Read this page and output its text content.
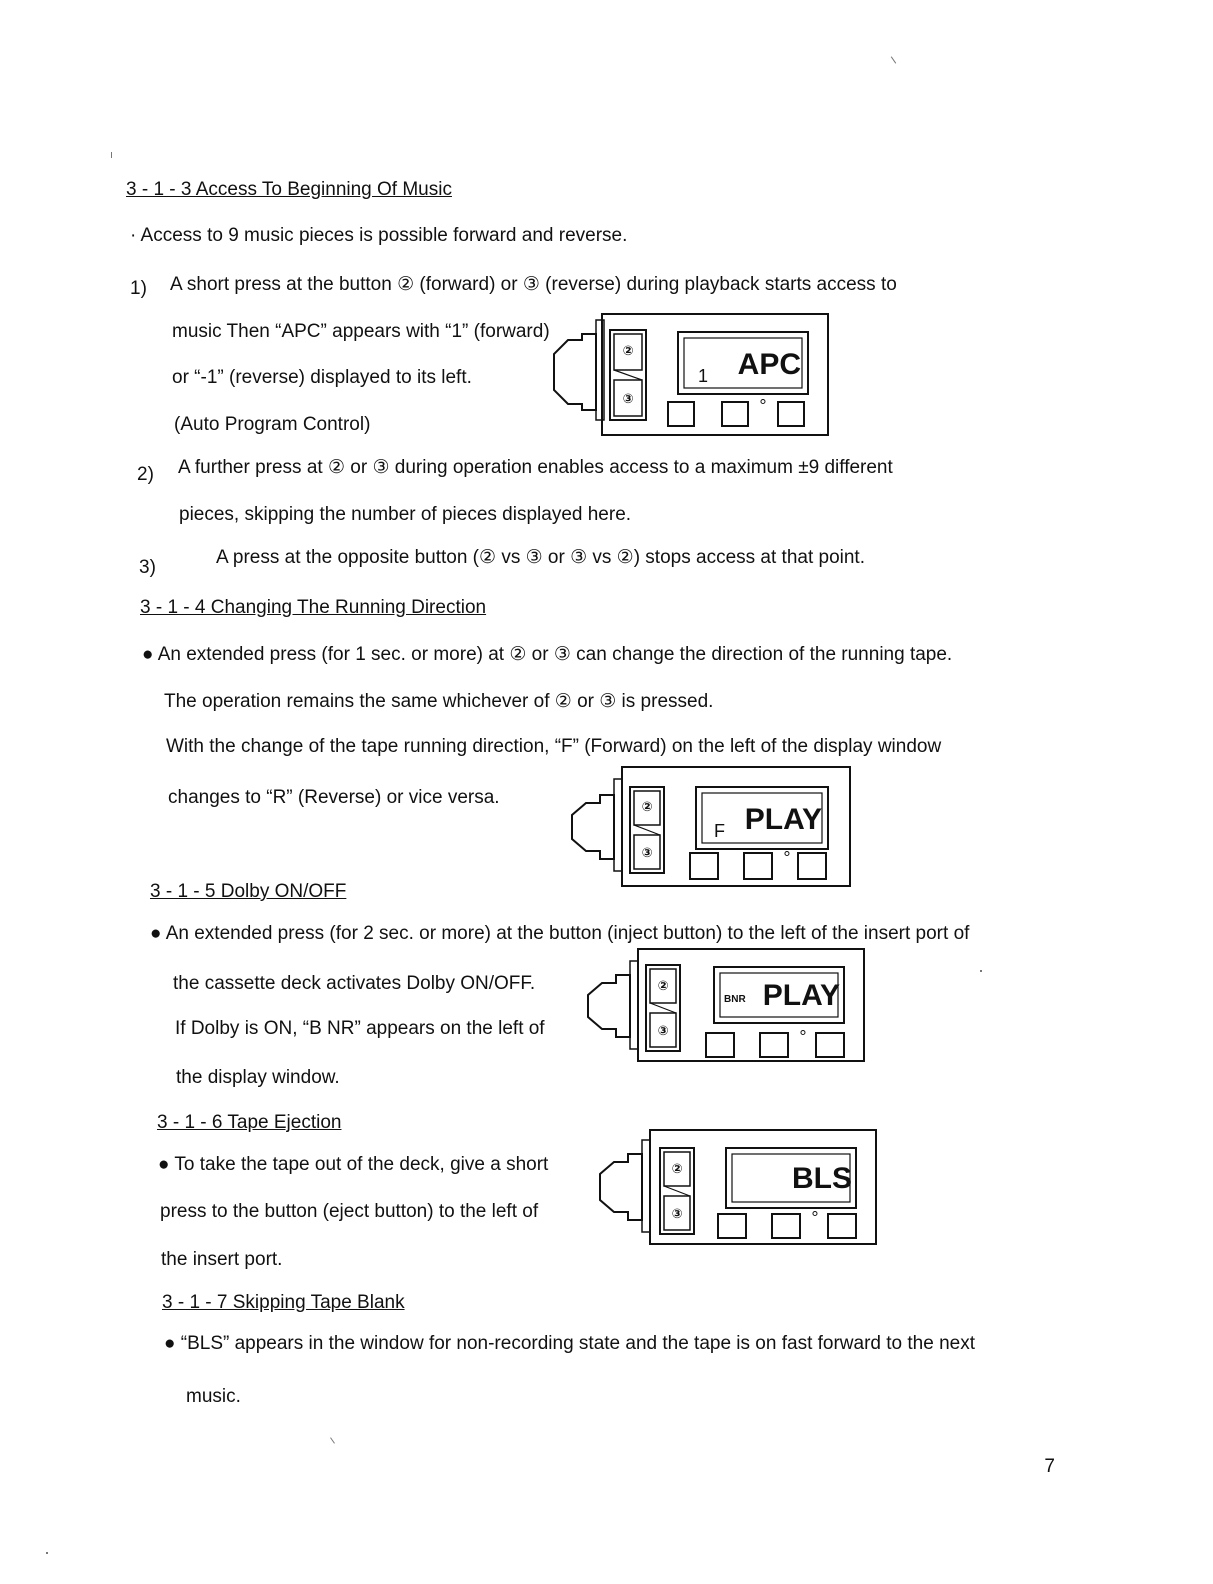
3 - 1 - 3 Access To Beginning Of Music
· Access to 9 music pieces is possible forward and reverse.
1) A short press at the button ② (forward) or ③ (reverse) during playback starts access to
music Then “APC” appears with “1” (forward)
or “-1” (reverse) displayed to its left.
(Auto Program Control)
2) A further press at ② or ③ during operation enables access to a maximum ±9 different
pieces, skipping the number of pieces displayed here.
3)	A press at the opposite button (② vs ③ or ③ vs ②) stops access at that point.
3 - 1 - 4 Changing The Running Direction
● An extended press (for 1 sec. or more) at ② or ③ can change the direction of the running tape.
The operation remains the same whichever of ② or ③ is pressed.
With the change of the tape running direction, “F” (Forward) on the left of the display window
changes to “R” (Reverse) or vice versa.
3 - 1 - 5 Dolby ON/OFF
● An extended press (for 2 sec. or more) at the button (inject button) to the left of the insert port of
the cassette deck activates Dolby ON/OFF.
If Dolby is ON, “B NR” appears on the left of
the display window.
3 - 1 - 6 Tape Ejection
● To take the tape out of the deck, give a short
press to the button (eject button) to the left of
the insert port.
3 - 1 - 7 Skipping Tape Blank
● “BLS” appears in the window for non-recording state and the tape is on fast forward to the next
music.
7
②
③
1 APC
°
②
③
F PLAY
°
②
③
BNR PLAY
°
②
③
BLS
°
